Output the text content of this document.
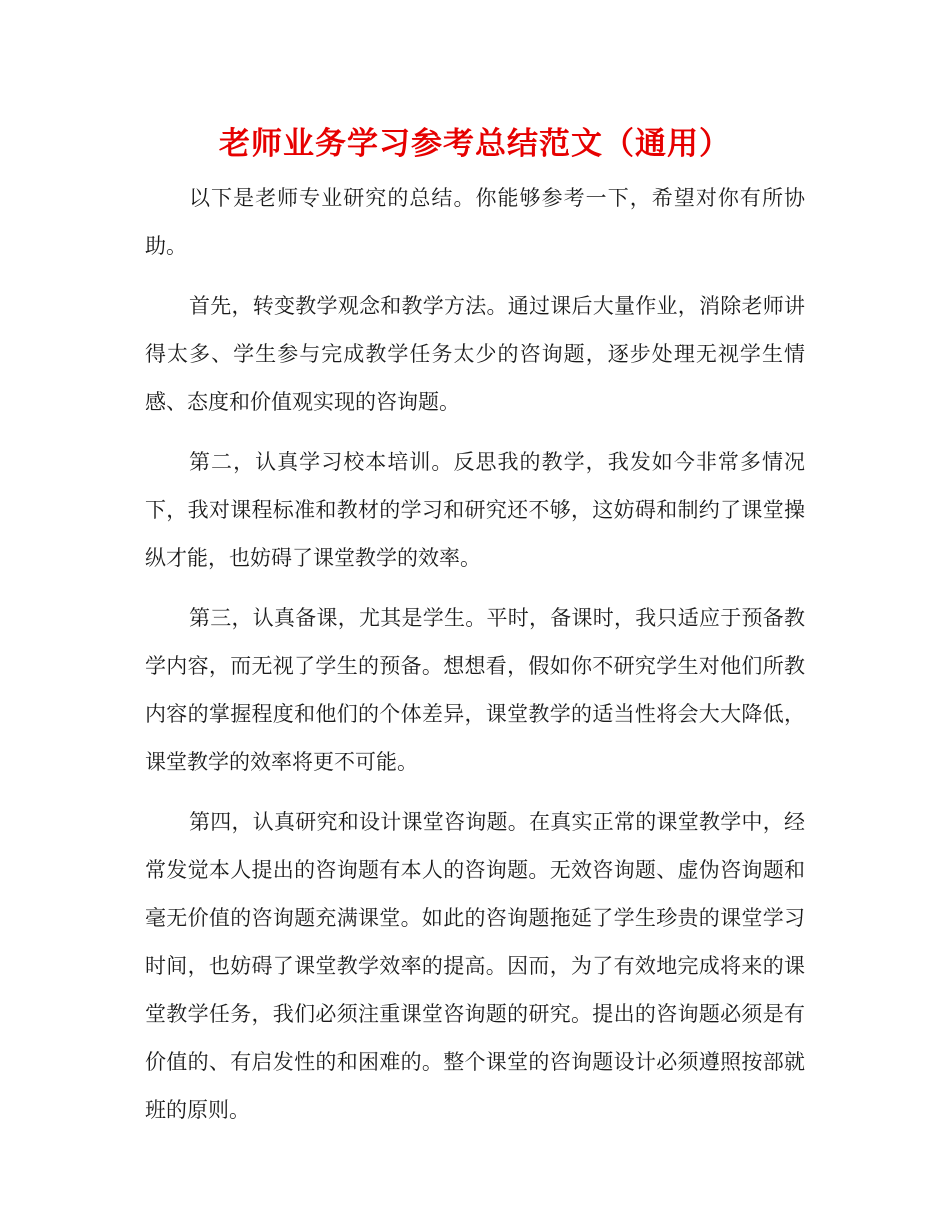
老师业务学习参考总结范文（通用）

以下是老师专业研究的总结。你能够参考一下，希望对你有所协助。

首先，转变教学观念和教学方法。通过课后大量作业，消除老师讲得太多、学生参与完成教学任务太少的咨询题，逐步处理无视学生情感、态度和价值观实现的咨询题。

第二，认真学习校本培训。反思我的教学，我发如今非常多情况下，我对课程标准和教材的学习和研究还不够，这妨碍和制约了课堂操纵才能，也妨碍了课堂教学的效率。

第三，认真备课，尤其是学生。平时，备课时，我只适应于预备教学内容，而无视了学生的预备。想想看，假如你不研究学生对他们所教内容的掌握程度和他们的个体差异，课堂教学的适当性将会大大降低，课堂教学的效率将更不可能。

第四，认真研究和设计课堂咨询题。在真实正常的课堂教学中，经常发觉本人提出的咨询题有本人的咨询题。无效咨询题、虚伪咨询题和毫无价值的咨询题充满课堂。如此的咨询题拖延了学生珍贵的课堂学习时间，也妨碍了课堂教学效率的提高。因而，为了有效地完成将来的课堂教学任务，我们必须注重课堂咨询题的研究。提出的咨询题必须是有价值的、有启发性的和困难的。整个课堂的咨询题设计必须遵照按部就班的原则。
